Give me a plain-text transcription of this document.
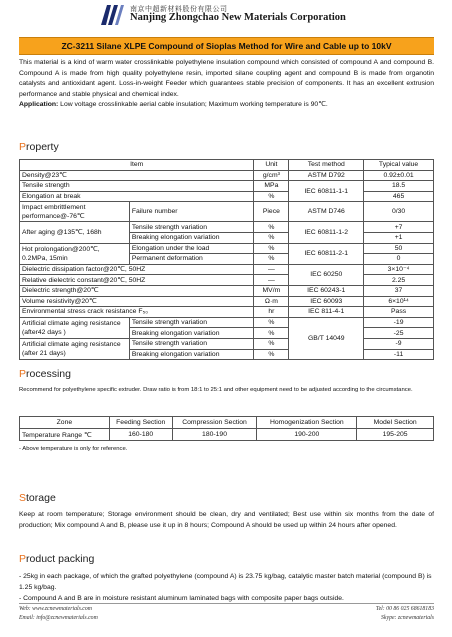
南京中超新材料股份有限公司
Nanjing Zhongchao New Materials Corporation
ZC-3211 Silane XLPE Compound of Sioplas Method for Wire and Cable up to 10kV
This material is a kind of warm water crosslinkable polyethylene insulation compound which consisted of compound A and compound B. Compound A is made from high quality polyethylene resin, imported silane coupling agent and compound B is made from organotin catalysts and antioxidant agent. Loss-in-weight Feeder which guarantees stable precision of components. It has an excellent extrusion performance and stable physical and chemical index.
Application: Low voltage crosslinkable aerial cable insulation; Maximum working temperature is 90℃.
Property
Item		Unit	Test method	Typical value
Density@23℃		g/cm³	ASTM D792	0.92±0.01
Tensile strength		MPa	IEC 60811-1-1	18.5
Elongation at break		%		465
Impact embrittlement performance@-76℃	Failure number	Piece	ASTM D746	0/30
After aging @135℃, 168h	Tensile strength variation	%	IEC 60811-1-2	+7
	Breaking elongation variation	%		+1
Hot prolongation@200℃, 0.2MPa, 15min	Elongation under the load	%	IEC 60811-2-1	50
	Permanent deformation	%		0
Dielectric dissipation factor@20℃, 50HZ		—	IEC 60250	3×10⁻⁴
Relative dielectric constant@20℃, 50HZ		—		2.25
Dielectric strength@20℃		MV/m	IEC 60243-1	37
Volume resistivity@20℃		Ω·m	IEC 60093	6×10¹⁴
Environmental stress crack resistance F₅₀		hr	IEC 811-4-1	Pass
Artificial climate aging resistance (after42 days )	Tensile strength variation	%	GB/T 14049	-19
	Breaking elongation variation	%		-25
Artificial climate aging resistance (after 21 days)	Tensile strength variation	%		-9
	Breaking elongation variation	%		-11
Processing
Recommend for polyethylene specific extruder. Draw ratio is from 18:1 to 25:1 and other equipment need to be adjusted according to the circumstance.
Zone	Feeding Section	Compression Section	Homogenization Section	Model Section
Temperature Range ℃	160-180	180-190	190-200	195-205
- Above temperature is only for reference.
Storage
Keep at room temperature; Storage environment should be clean, dry and ventilated; Best use within six months from the date of production; Mix compound A and B, please use it up in 8 hours; Compound A should be used up within 24 hours after opened.
Product packing
- 25kg in each package, of which the grafted polyethylene (compound A) is 23.75 kg/bag, catalytic master batch material (compound B) is 1.25 kg/bag.
- Compound A and B are in moisture resistant aluminum laminated bags with composite paper bags outside.
Web: www.zcnewmaterials.com
Email: info@zcnewmaterials.com
Tel: 00 86 025 68618183
Skype: zcnewmaterials
